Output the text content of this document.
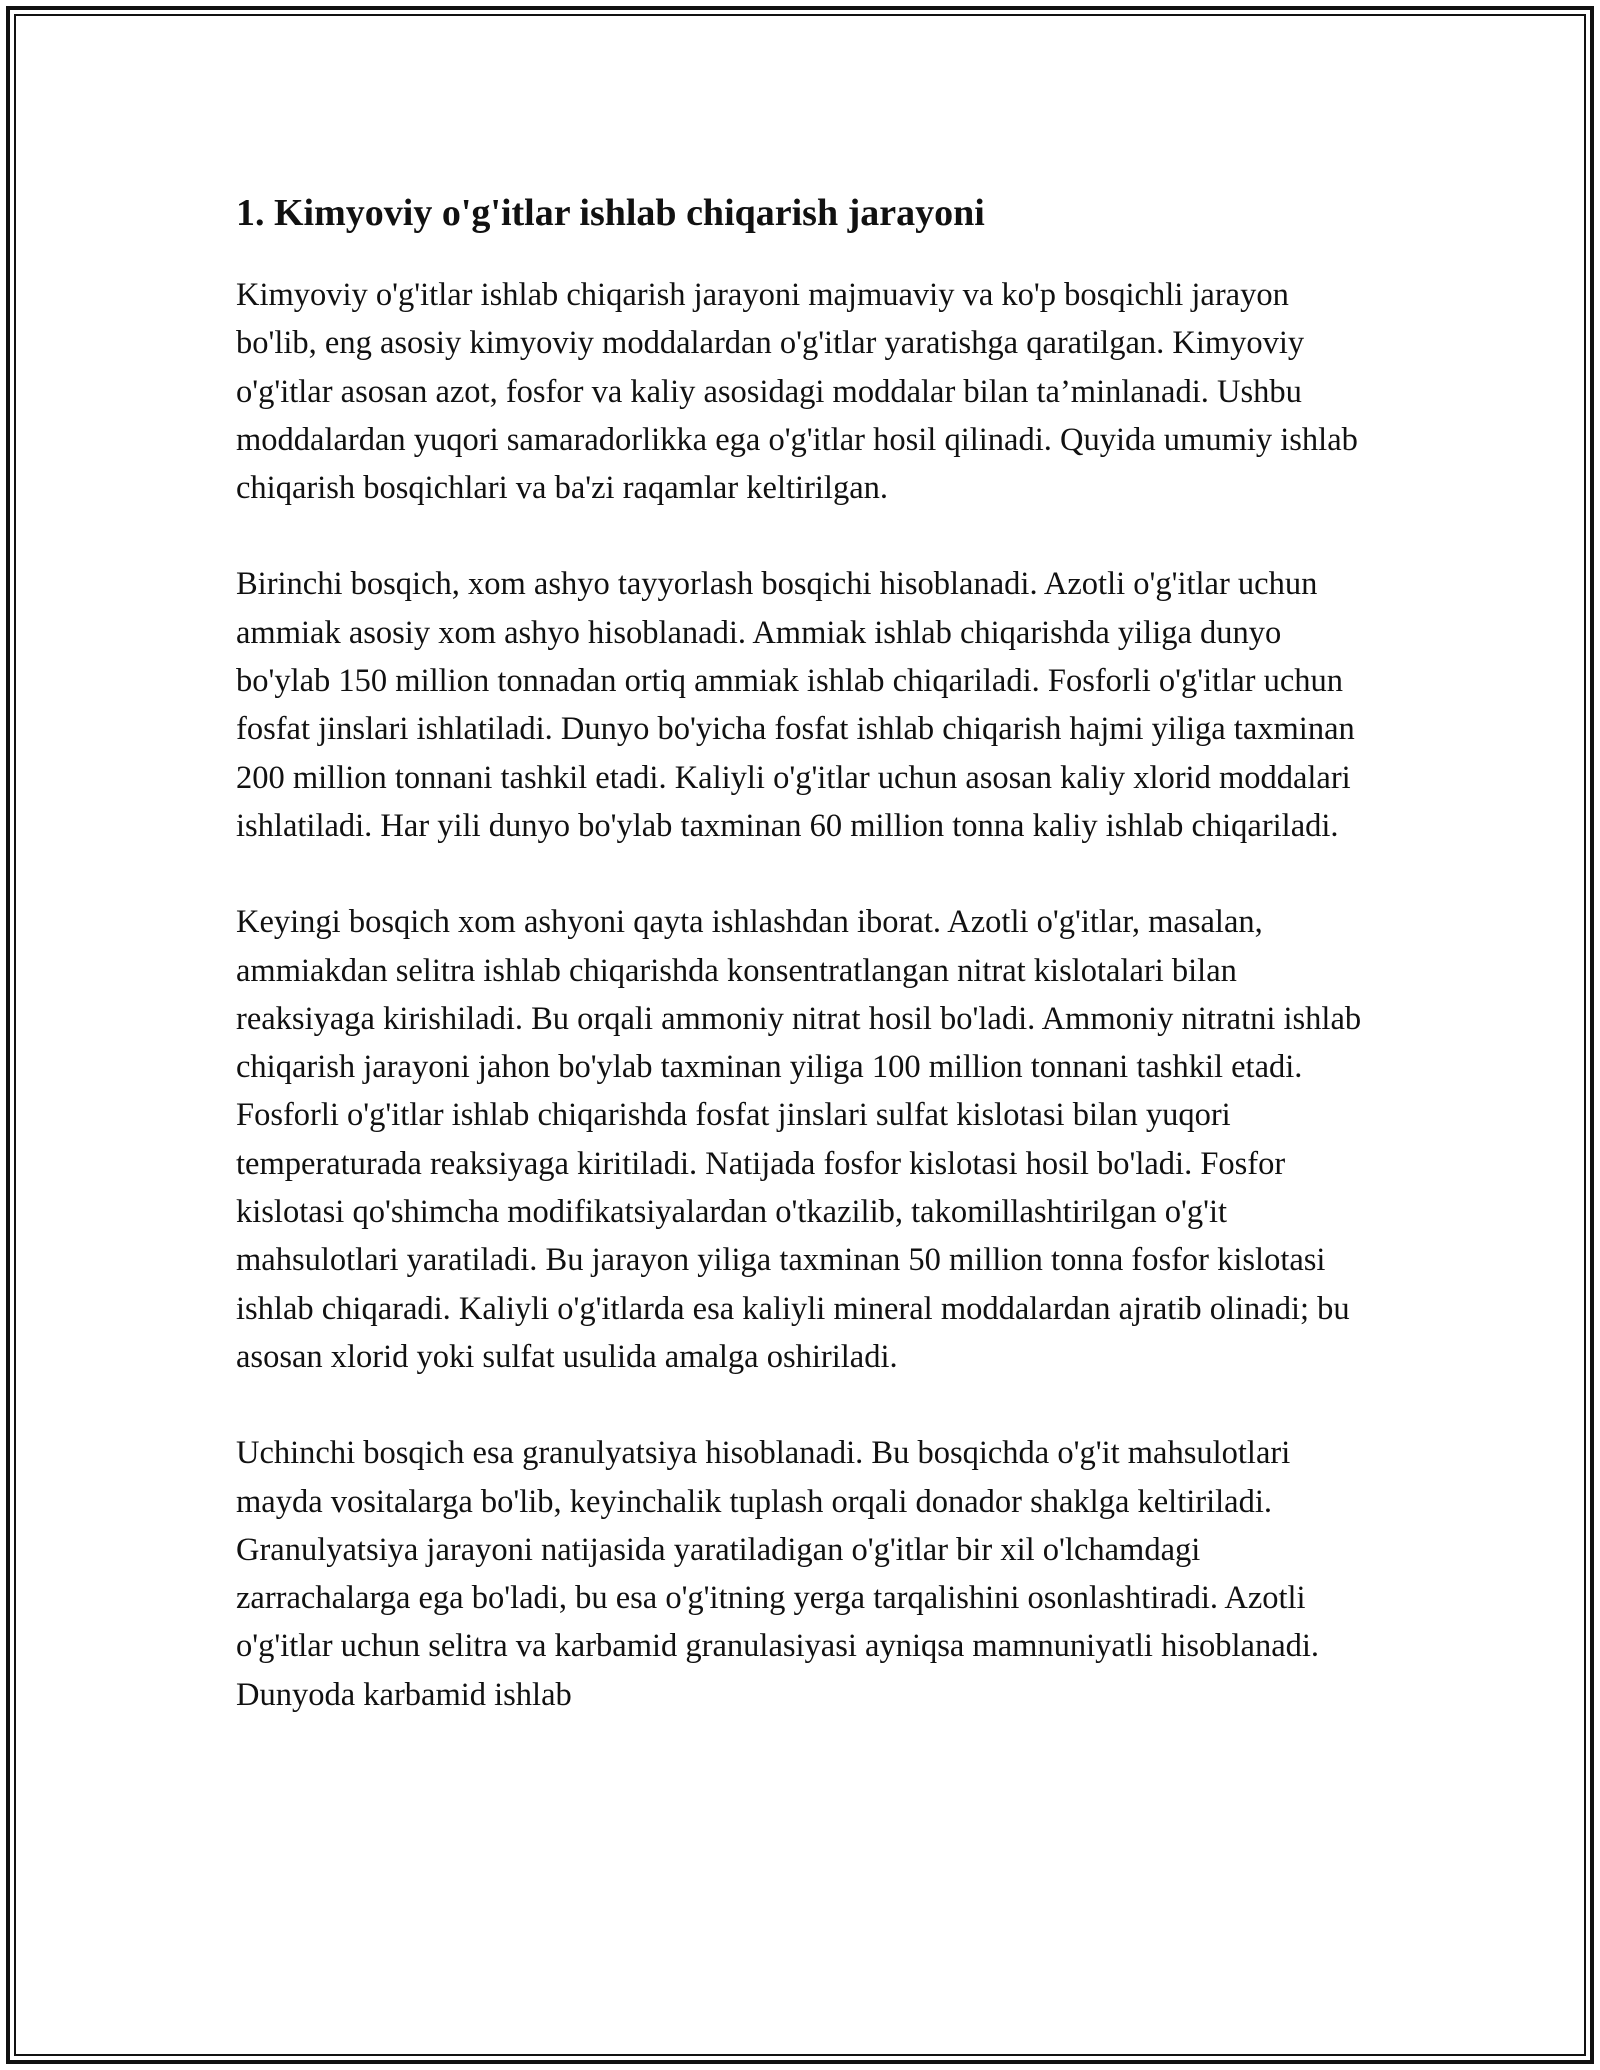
1. Kimyoviy o'g'itlar ishlab chiqarish jarayoni

Kimyoviy o'g'itlar ishlab chiqarish jarayoni majmuaviy va ko'p bosqichli jarayon bo'lib, eng asosiy kimyoviy moddalardan o'g'itlar yaratishga qaratilgan. Kimyoviy o'g'itlar asosan azot, fosfor va kaliy asosidagi moddalar bilan ta’minlanadi. Ushbu moddalardan yuqori samaradorlikka ega o'g'itlar hosil qilinadi. Quyida umumiy ishlab chiqarish bosqichlari va ba'zi raqamlar keltirilgan.

Birinchi bosqich, xom ashyo tayyorlash bosqichi hisoblanadi. Azotli o'g'itlar uchun ammiak asosiy xom ashyo hisoblanadi. Ammiak ishlab chiqarishda yiliga dunyo bo'ylab 150 million tonnadan ortiq ammiak ishlab chiqariladi. Fosforli o'g'itlar uchun fosfat jinslari ishlatiladi. Dunyo bo'yicha fosfat ishlab chiqarish hajmi yiliga taxminan 200 million tonnani tashkil etadi. Kaliyli o'g'itlar uchun asosan kaliy xlorid moddalari ishlatiladi. Har yili dunyo bo'ylab taxminan 60 million tonna kaliy ishlab chiqariladi.

Keyingi bosqich xom ashyoni qayta ishlashdan iborat. Azotli o'g'itlar, masalan, ammiakdan selitra ishlab chiqarishda konsentratlangan nitrat kislotalari bilan reaksiyaga kirishiladi. Bu orqali ammoniy nitrat hosil bo'ladi. Ammoniy nitratni ishlab chiqarish jarayoni jahon bo'ylab taxminan yiliga 100 million tonnani tashkil etadi. Fosforli o'g'itlar ishlab chiqarishda fosfat jinslari sulfat kislotasi bilan yuqori temperaturada reaksiyaga kiritiladi. Natijada fosfor kislotasi hosil bo'ladi. Fosfor kislotasi qo'shimcha modifikatsiyalardan o'tkazilib, takomillashtirilgan o'g'it mahsulotlari yaratiladi. Bu jarayon yiliga taxminan 50 million tonna fosfor kislotasi ishlab chiqaradi. Kaliyli o'g'itlarda esa kaliyli mineral moddalardan ajratib olinadi; bu asosan xlorid yoki sulfat usulida amalga oshiriladi.

Uchinchi bosqich esa granulyatsiya hisoblanadi. Bu bosqichda o'g'it mahsulotlari mayda vositalarga bo'lib, keyinchalik tuplash orqali donador shaklga keltiriladi. Granulyatsiya jarayoni natijasida yaratiladigan o'g'itlar bir xil o'lchamdagi zarrachalarga ega bo'ladi, bu esa o'g'itning yerga tarqalishini osonlashtiradi. Azotli o'g'itlar uchun selitra va karbamid granulasiyasi ayniqsa mamnuniyatli hisoblanadi. Dunyoda karbamid ishlab
